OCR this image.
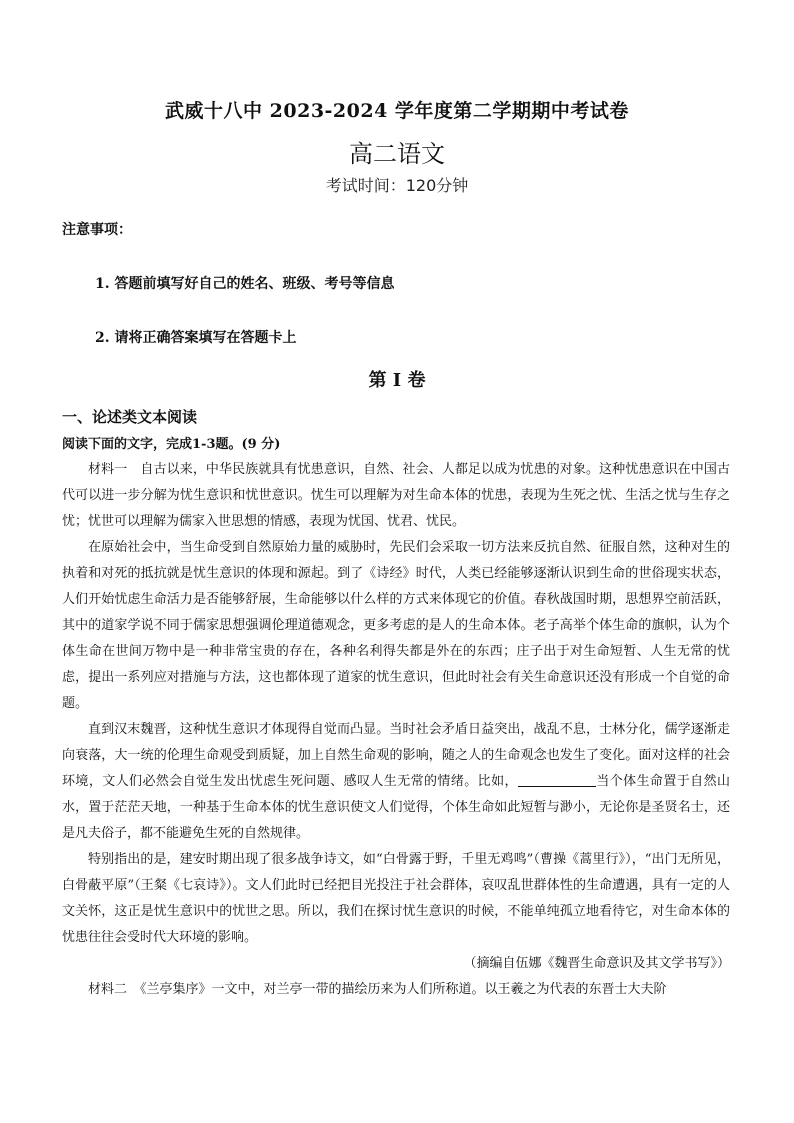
武威十八中 2023-2024 学年度第二学期期中考试卷
高二语文
考试时间：120分钟
注意事项：
1. 答题前填写好自己的姓名、班级、考号等信息
2. 请将正确答案填写在答题卡上
第 I 卷
一、论述类文本阅读
阅读下面的文字，完成1-3题。(9 分)

材料一　自古以来，中华民族就具有忧患意识，自然、社会、人都足以成为忧患的对象。这种忧患意识在中国古代可以进一步分解为忧生意识和忧世意识。忧生可以理解为对生命本体的忧患，表现为生死之忧、生活之忧与生存之忧；忧世可以理解为儒家入世思想的情感，表现为忧国、忧君、忧民。

在原始社会中，当生命受到自然原始力量的威胁时，先民们会采取一切方法来反抗自然、征服自然，这种对生的执着和对死的抵抗就是忧生意识的体现和源起。到了《诗经》时代，人类已经能够逐渐认识到生命的世俗现实状态，人们开始忧虑生命活力是否能够舒展，生命能够以什么样的方式来体现它的价值。春秋战国时期，思想界空前活跃，其中的道家学说不同于儒家思想强调伦理道德观念，更多考虑的是人的生命本体。老子高举个体生命的旗帜，认为个体生命在世间万物中是一种非常宝贵的存在，各种名利得失都是外在的东西；庄子出于对生命短暂、人生无常的忧虑，提出一系列应对措施与方法，这也都体现了道家的忧生意识，但此时社会有关生命意识还没有形成一个自觉的命题。

直到汉末魏晋，这种忧生意识才体现得自觉而凸显。当时社会矛盾日益突出，战乱不息，士林分化，儒学逐渐走向衰落，大一统的伦理生命观受到质疑，加上自然生命观的影响，随之人的生命观念也发生了变化。面对这样的社会环境，文人们必然会自觉生发出忧虑生死问题、感叹人生无常的情绪。比如，	当个体生命置于自然山水，置于茫茫天地，一种基于生命本体的忧生意识使文人们觉得，个体生命如此短暂与渺小，无论你是圣贤名士，还是凡夫俗子，都不能避免生死的自然规律。

特别指出的是，建安时期出现了很多战争诗文，如“白骨露于野，千里无鸡鸣”（曹操《蒿里行》），“出门无所见，白骨蔽平原”（王粲《七哀诗》）。文人们此时已经把目光投注于社会群体，哀叹乱世群体性的生命遭遇，具有一定的人文关怀，这正是忧生意识中的忧世之思。所以，我们在探讨忧生意识的时候，不能单纯孤立地看待它，对生命本体的忧患往往会受时代大环境的影响。

（摘编自伍娜《魏晋生命意识及其文学书写》）

材料二　《兰亭集序》一文中，对兰亭一带的描绘历来为人们所称道。以王羲之为代表的东晋士大夫阶
